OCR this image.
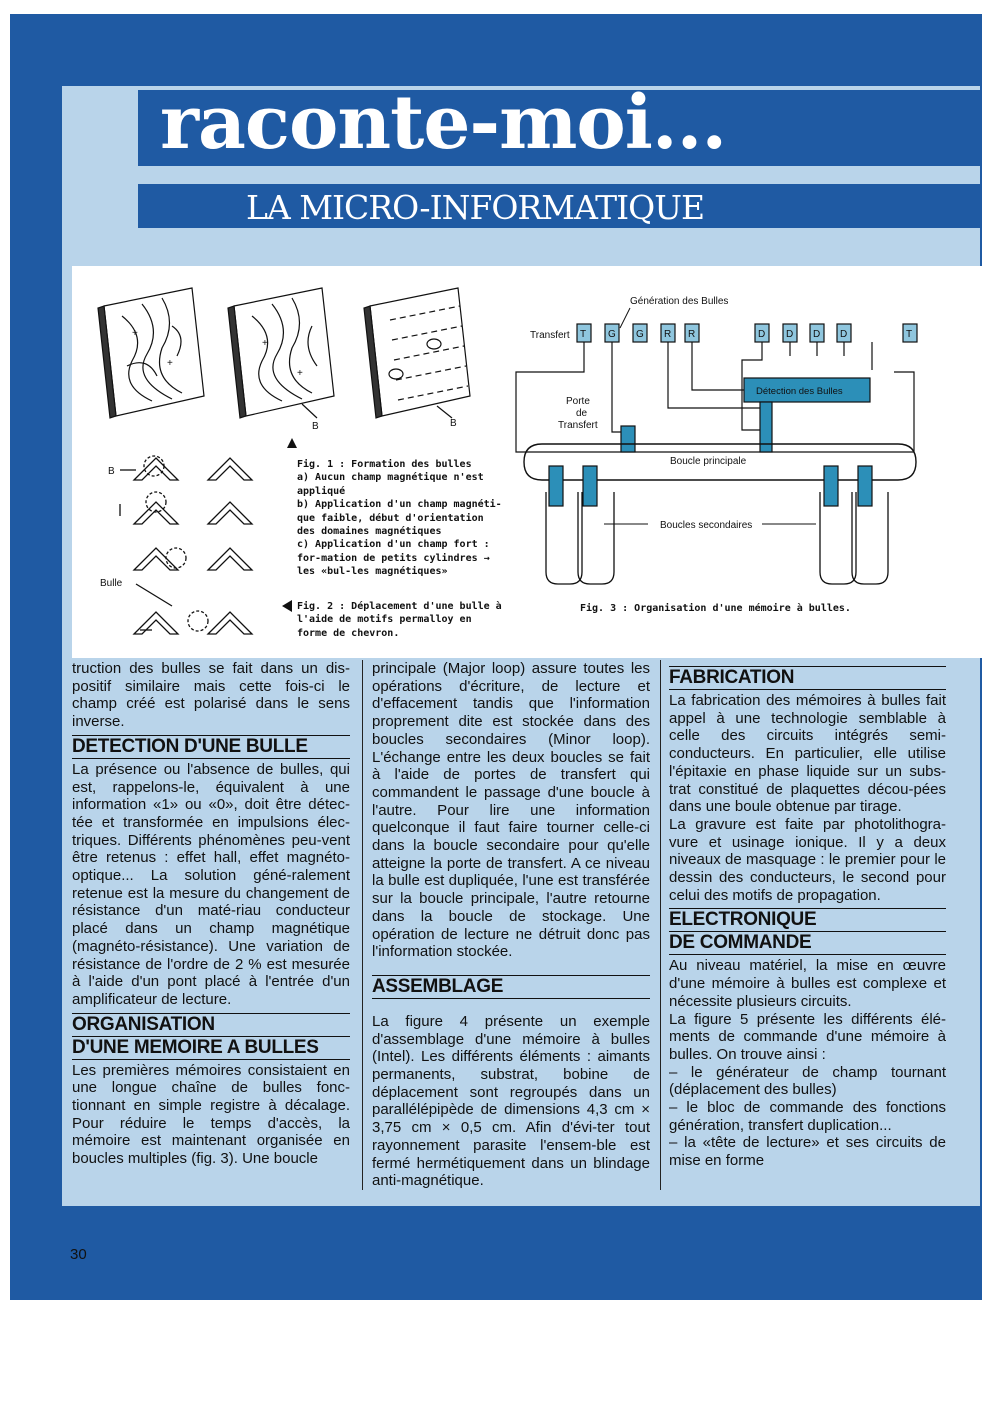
raconte-moi...
LA MICRO-INFORMATIQUE
+
+
+
+
B	B
B
Bulle
Génération des Bulles
Transfert T G G R R	D D D D	T
Détection des Bulles
Porte
de
Transfert
Boucle principale
Boucles secondaires

Fig. 1 : Formation des bulles

a) Aucun champ magnétique n'est appliqué

b) Application d'un champ magnéti-que faible, début d'orientation des domaines magnétiques

c) Application d'un champ fort : for-mation de petits cylindres → les «bul-les magnétiques»

Fig. 2 : Déplacement d'une bulle à l'aide de motifs permalloy en forme de chevron.

Fig. 3 : Organisation d'une mémoire à bulles.

truction des bulles se fait dans un dis-positif similaire mais cette fois-ci le champ créé est polarisé dans le sens inverse.

DETECTION D'UNE BULLE

La présence ou l'absence de bulles, qui est, rappelons-le, équivalent à une information «1» ou «0», doit être détec-tée et transformée en impulsions élec-triques. Différents phénomènes peu-vent être retenus : effet hall, effet magnéto-optique... La solution géné-ralement retenue est la mesure du changement de résistance d'un maté-riau conducteur placé dans un champ magnétique (magnéto-résistance). Une variation de résistance de l'ordre de 2 % est mesurée à l'aide d'un pont placé à l'entrée d'un amplificateur de lecture.

ORGANISATION
D'UNE MEMOIRE A BULLES

Les premières mémoires consistaient en une longue chaîne de bulles fonc-tionnant en simple registre à décalage. Pour réduire le temps d'accès, la mémoire est maintenant organisée en boucles multiples (fig. 3). Une boucle

principale (Major loop) assure toutes les opérations d'écriture, de lecture et d'effacement tandis que l'information proprement dite est stockée dans des boucles secondaires (Minor loop). L'échange entre les deux boucles se fait à l'aide de portes de transfert qui commandent le passage d'une boucle à l'autre. Pour lire une information quelconque il faut faire tourner celle-ci dans la boucle secondaire pour qu'elle atteigne la porte de transfert. A ce niveau la bulle est dupliquée, l'une est transférée sur la boucle principale, l'autre retourne dans la boucle de stockage. Une opération de lecture ne détruit donc pas l'information stockée.

ASSEMBLAGE

La figure 4 présente un exemple d'assemblage d'une mémoire à bulles (Intel). Les différents éléments : aimants permanents, substrat, bobine de déplacement sont regroupés dans un parallélépipède de dimensions 4,3 cm × 3,75 cm × 0,5 cm. Afin d'évi-ter tout rayonnement parasite l'ensem-ble est fermé hermétiquement dans un blindage anti-magnétique.

FABRICATION

La fabrication des mémoires à bulles fait appel à une technologie semblable à celle des circuits intégrés semi-conducteurs. En particulier, elle utilise l'épitaxie en phase liquide sur un subs-trat constitué de plaquettes décou-pées dans une boule obtenue par tirage.

La gravure est faite par photolithogra-vure et usinage ionique. Il y a deux niveaux de masquage : le premier pour le dessin des conducteurs, le second pour celui des motifs de propagation.

ELECTRONIQUE
DE COMMANDE

Au niveau matériel, la mise en œuvre d'une mémoire à bulles est complexe et nécessite plusieurs circuits.

La figure 5 présente les différents élé-ments de commande d'une mémoire à bulles. On trouve ainsi :

– le générateur de champ tournant (déplacement des bulles)

– le bloc de commande des fonctions génération, transfert duplication...

– la «tête de lecture» et ses circuits de mise en forme

30
